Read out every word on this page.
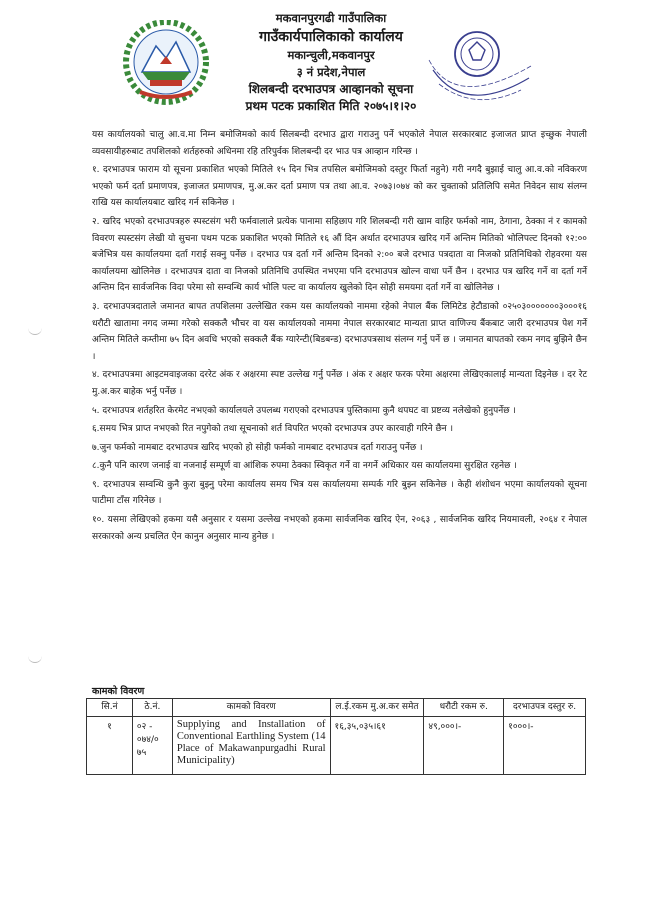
मकवानपुरगढी गाउँपालिका
गाउँकार्यपालिकाको कार्यालय
मकान्चुली,मकवानपुर
३ नं प्रदेश,नेपाल
शिलबन्दी दरभाउपत्र आव्हानको सूचना
प्रथम पटक प्रकाशित मिति २०७५।१।२०

यस कार्यालयको चालु आ.व.मा निम्न बमोजिमको कार्य सिलबन्दी दरभाउ द्वारा गराउनु पर्ने भएकोले नेपाल सरकारबाट इजाजत प्राप्त इच्छुक नेपाली व्यवसायीहरुबाट तपशिलको शर्तहरुको अधिनमा रहि तरिपुर्वक शिलबन्दी दर भाउ पत्र आव्हान गरिन्छ ।

१. दरभाउपत्र फाराम यो सूचना प्रकाशित भएको मितिले १५ दिन भित्र तपसिल बमोजिमको दस्तुर फिर्ता नहुने) गरी नगदै बुझाई चालु आ.व.को नविकरण भएको फर्म दर्ता प्रमाणपत्र, इजाजत प्रमाणपत्र, मु.अ.कर दर्ता प्रमाण पत्र तथा आ.व. २०७३।०७४ को कर चुक्ताको प्रतिलिपि समेत निवेदन साथ संलग्न राखि यस कार्यालयबाट खरिद गर्न सकिनेछ ।

२. खरिद भएको दरभाउपत्रहरु स्पस्टसंग भरी फर्मवालाले प्रत्येक पानामा सहिछाप गरि शिलबन्दी गरी खाम वाहिर फर्मको नाम, ठेगाना, ठेक्का नं र कामको विवरण स्पस्टसंग लेखी यो सुचना पथम पटक प्रकाशित भएको मितिले १६ औं दिन अर्थात दरभाउपत्र खरिद गर्ने अन्तिम मितिको भोलिपल्ट दिनको १२:०० बजेभित्र यस कार्यालयमा दर्ता गराई सक्नु पर्नेछ । दरभाउ पत्र दर्ता गर्ने अन्तिम दिनको २:०० बजे दरभाउ पत्रदाता वा निजको प्रतिनिधिको रोहवरमा यस कार्यालयमा खोलिनेछ । दरभाउपत्र दाता वा निजको प्रतिनिधि उपस्थित नभएमा पनि दरभाउपत्र खोल्न वाधा पर्ने छैन । दरभाउ पत्र खरिद गर्ने वा दर्ता गर्ने अन्तिम दिन सार्वजनिक विदा परेमा सो सम्वन्धि कार्य भोलि पल्ट वा कार्यालय खुलेको दिन सोही समयमा दर्ता गर्ने वा खोलिनेछ ।

३. दरभाउपत्रदाताले जमानत बापत तपशिलमा उल्लेखित रकम यस कार्यालयको नाममा रहेको नेपाल बैंक लिमिटेड हेटौडाको ०२५०३०००००००३०००१६ धरौटी खातामा नगद जम्मा गरेको सक्कलै भौचर वा यस कार्यालयको नाममा नेपाल सरकारबाट मान्यता प्राप्त वाणिज्य बैंकबाट जारी दरभाउपत्र पेश गर्ने अन्तिम मितिले कम्तीमा ७५ दिन अवधि भएको सक्कलै बैंक ग्यारेन्टी(बिडबन्ड) दरभाउपत्रसाथ संलग्न गर्नु पर्ने छ । जमानत बापतको रकम नगद बुझिने छैन ।

४. दरभाउपत्रमा आइटमवाइजका दररेट अंक र अक्षरमा स्पष्ट उल्लेख गर्नु पर्नेछ । अंक र अक्षर फरक परेमा अक्षरमा लेखिएकालाई मान्यता दिइनेछ । दर रेट मु.अ.कर बाहेक भर्नु पर्नेछ ।

५. दरभाउपत्र शर्तहरित केरमेट नभएको कार्यालयले उपलब्ध गराएको दरभाउपत्र पुस्तिकामा कुनै थपघट वा प्रष्टव्य नलेखेको हुनुपर्नेछ ।

६.समय भित्र प्राप्त नभएको रित नपुगेको तथा सूचनाको शर्त विपरित भएको दरभाउपत्र उपर कारवाही गरिने छैन ।

७.जुन फर्मको नामबाट दरभाउपत्र खरिद भएको हो सोही फर्मको नामबाट दरभाउपत्र दर्ता गराउनु पर्नेछ ।

८.कुनै पनि कारण जनाई वा नजनाई सम्पूर्ण वा आंशिक रुपमा ठेक्का स्विकृत गर्ने वा नगर्ने अधिकार यस कार्यालयमा सुरक्षित रहनेछ ।

९. दरभाउपत्र सम्वन्धि कुनै कुरा बुझ्नु परेमा कार्यालय समय भित्र यस कार्यालयमा सम्पर्क गरि बुझ्न सकिनेछ । केही शंशोधन भएमा कार्यालयको सूचना पाटीमा टाँस गरिनेछ ।

१०. यसमा लेखिएको हकमा यसै अनुसार र यसमा उल्लेख नभएको हकमा सार्वजनिक खरिद ऐन, २०६३ , सार्वजनिक खरिद नियमावली, २०६४ र नेपाल सरकारको अन्य प्रचलित ऐन कानुन अनुसार मान्य हुनेछ ।

कामको विवरण
सि.नं	ठे.नं.	कामको विवरण	ल.ई.रकम मु.अ.कर समेत	धरौटी रकम रु.	दरभाउपत्र दस्तुर रु.
१	०२ - ०७४/० ७५	Supplying and Installation of Conventional Earthling System (14 Place of Makawanpurgadhi Rural Municipality)	१६,३५,०३५।६१	४९,०००।-	१०००।-
